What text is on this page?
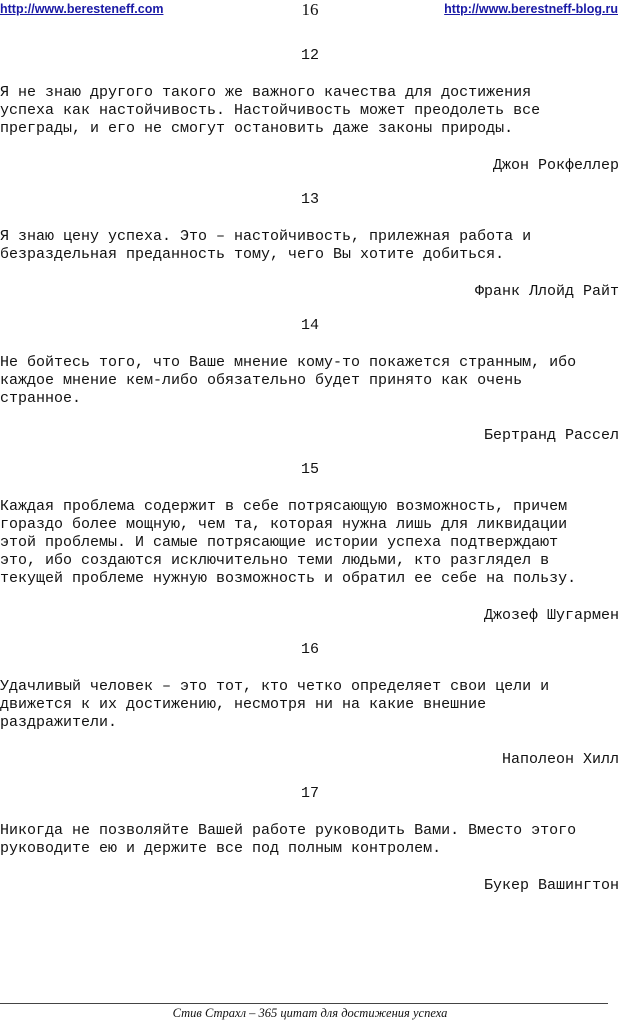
http://www.beresteneff.com	16	http://www.berestneff-blog.ru
12
Я не знаю другого такого же важного качества для достижения
успеха как настойчивость. Настойчивость может преодолеть все
преграды, и его не смогут остановить даже законы природы.
Джон Рокфеллер
13
Я знаю цену успеха. Это – настойчивость, прилежная работа и
безраздельная преданность тому, чего Вы хотите добиться.
Франк Ллойд Райт
14
Не бойтесь того, что Ваше мнение кому-то покажется странным, ибо
каждое мнение кем-либо обязательно будет принято как очень
странное.
Бертранд Рассел
15
Каждая проблема содержит в себе потрясающую возможность, причем
гораздо более мощную, чем та, которая нужна лишь для ликвидации
этой проблемы. И самые потрясающие истории успеха подтверждают
это, ибо создаются исключительно теми людьми, кто разглядел в
текущей проблеме нужную возможность и обратил ее себе на пользу.
Джозеф Шугармен
16
Удачливый человек – это тот, кто четко определяет свои цели и
движется к их достижению, несмотря ни на какие внешние
раздражители.
Наполеон Хилл
17
Никогда не позволяйте Вашей работе руководить Вами. Вместо этого
руководите ею и держите все под полным контролем.
Букер Вашингтон
Стив Страхл – 365 цитат для достижения успеха
